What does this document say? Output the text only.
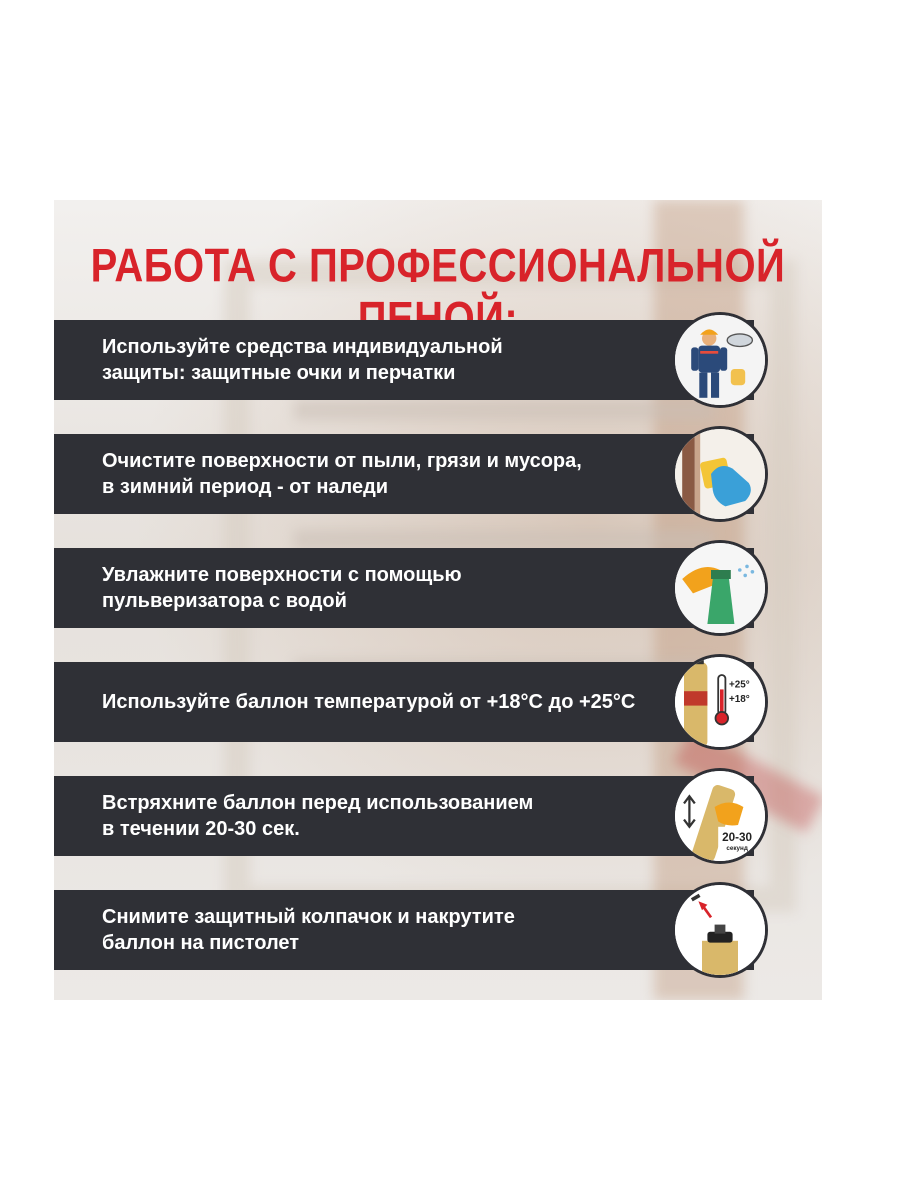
РАБОТА С ПРОФЕССИОНАЛЬНОЙ
Используйте средства индивидуальной
защиты: защитные очки и перчатки
Очистите поверхности от пыли, грязи и мусора,
в зимний период - от наледи
Увлажните поверхности с помощью
пульверизатора с водой
Используйте баллон температурой от +18°С до +25°С
+25°
+18°
Встряхните баллон перед использованием
в течении 20-30 сек.	20-30
секунд
Снимите защитный колпачок и накрутите
баллон на пистолет
